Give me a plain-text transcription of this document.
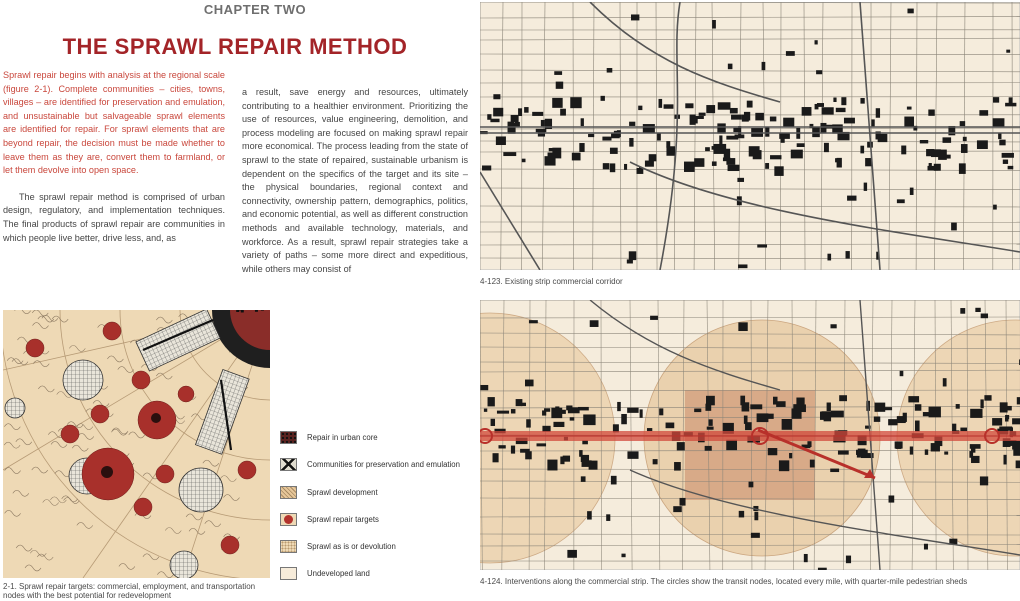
CHAPTER TWO
THE SPRAWL REPAIR METHOD

Sprawl repair begins with analysis at the regional scale (figure 2-1). Complete communities – cities, towns, villages – are identified for preservation and emulation, and unsustainable but salvageable sprawl elements are identified for repair. For sprawl elements that are beyond repair, the decision must be made whether to leave them as they are, convert them to farmland, or let them devolve into open space.

The sprawl repair method is comprised of urban design, regulatory, and implementation techniques. The final products of sprawl repair are communities in which people live better, drive less, and, as

a result, save energy and resources, ultimately contributing to a healthier environment. Prioritizing the use of resources, value engineering, demolition, and process modeling are focused on making sprawl repair more economical. The process leading from the state of sprawl to the state of repaired, sustainable urbanism is dependent on the specifics of the target and its site – the physical boundaries, regional context and connectivity, ownership pattern, demographics, politics, and economic potential, as well as different construction methods and available technology, materials, and workforce. As a result, sprawl repair strategies take a variety of paths – some more direct and expeditious, while others may consist of

4-123. Existing strip commercial corridor
4-124. Interventions along the commercial strip. The circles show the transit nodes, located every mile, with quarter-mile pedestrian sheds
2-1. Sprawl repair targets: commercial, employment, and transportation nodes with the best potential for redevelopment
Repair in urban core
Communities for preservation and emulation
Sprawl development
Sprawl repair targets
Sprawl as is or devolution
Undeveloped land
